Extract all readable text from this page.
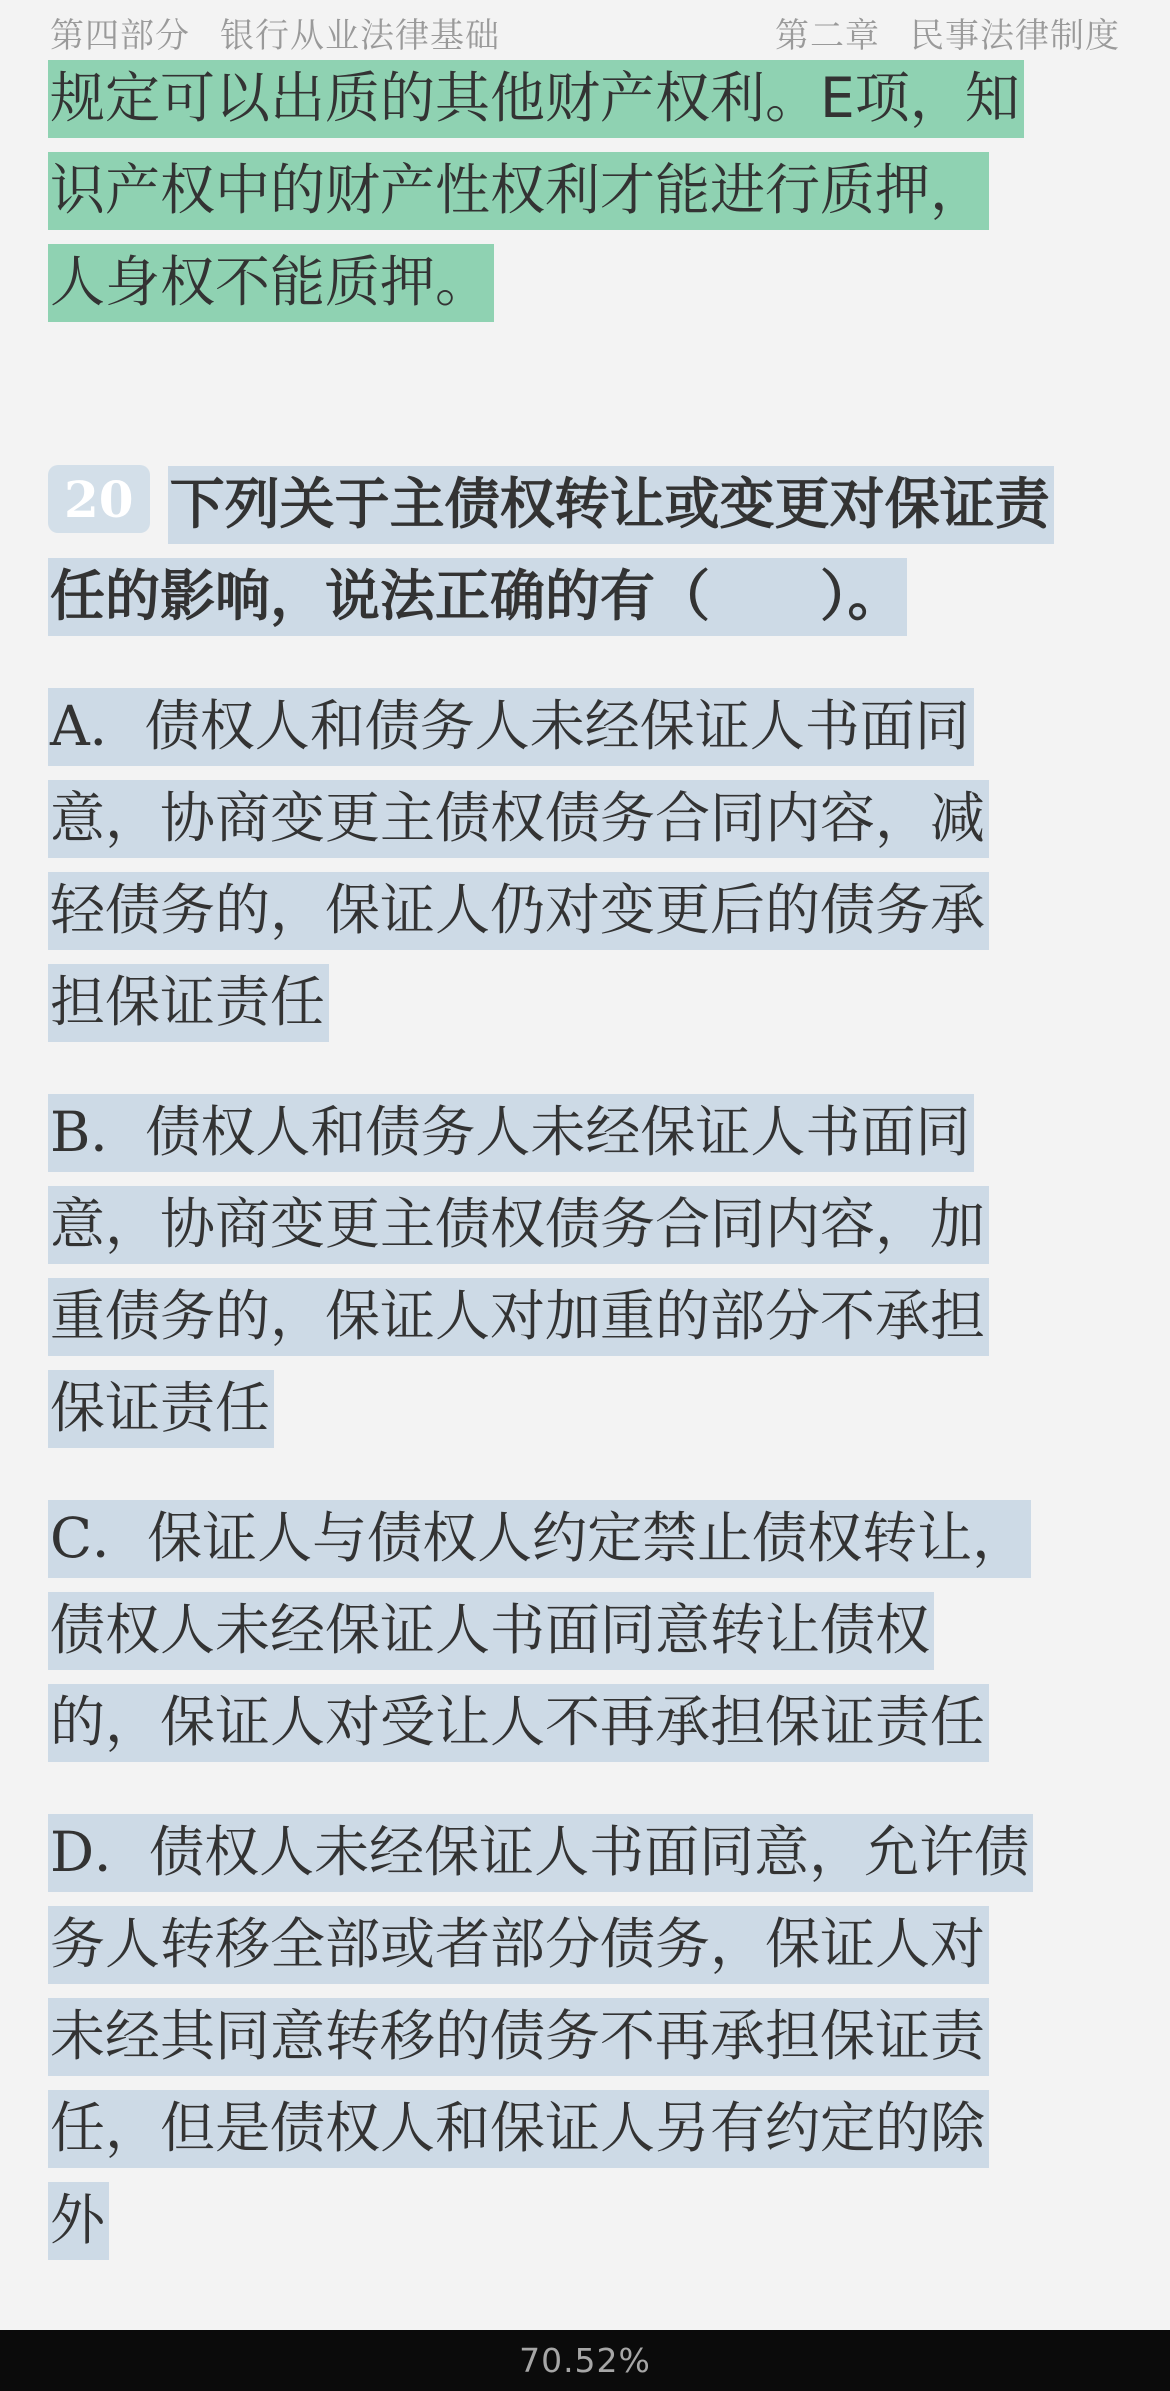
第四部分 银行从业法律基础	第二章 民事法律制度

规定可以出质的其他财产权利。E项，知
识产权中的财产性权利才能进行质押，
人身权不能质押。

20 下列关于主债权转让或变更对保证责
任的影响，说法正确的有（　　）。

A．债权人和债务人未经保证人书面同
意，协商变更主债权债务合同内容，减
轻债务的，保证人仍对变更后的债务承
担保证责任

B．债权人和债务人未经保证人书面同
意，协商变更主债权债务合同内容，加
重债务的，保证人对加重的部分不承担
保证责任

C．保证人与债权人约定禁止债权转让，
债权人未经保证人书面同意转让债权
的，保证人对受让人不再承担保证责任

D．债权人未经保证人书面同意，允许债
务人转移全部或者部分债务，保证人对
未经其同意转移的债务不再承担保证责
任，但是债权人和保证人另有约定的除
外

70.52%
